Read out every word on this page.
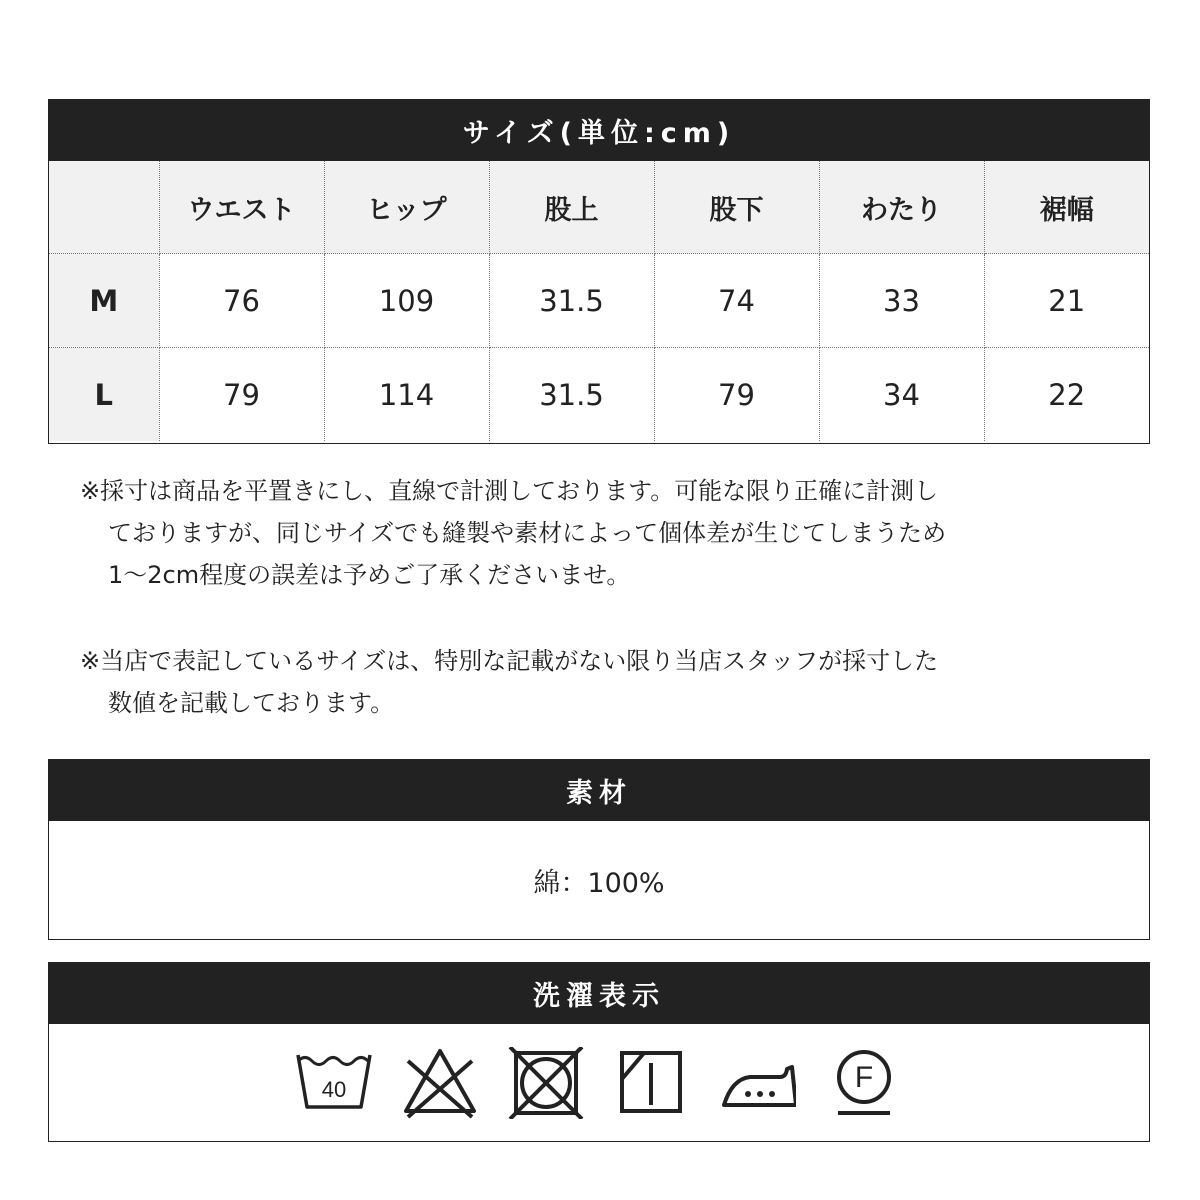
サイズ(単位:cm)
	ウエスト	ヒップ	股上	股下	わたり	裾幅
M	76	109	31.5	74	33	21
L	79	114	31.5	79	34	22

※採寸は商品を平置きにし、直線で計測しております。可能な限り正確に計測し

ておりますが、同じサイズでも縫製や素材によって個体差が生じてしまうため

1～2cm程度の誤差は予めご了承くださいませ。

※当店で表記しているサイズは、特別な記載がない限り当店スタッフが採寸した

数値を記載しております。

素材
綿：100%
洗濯表示
40	F
